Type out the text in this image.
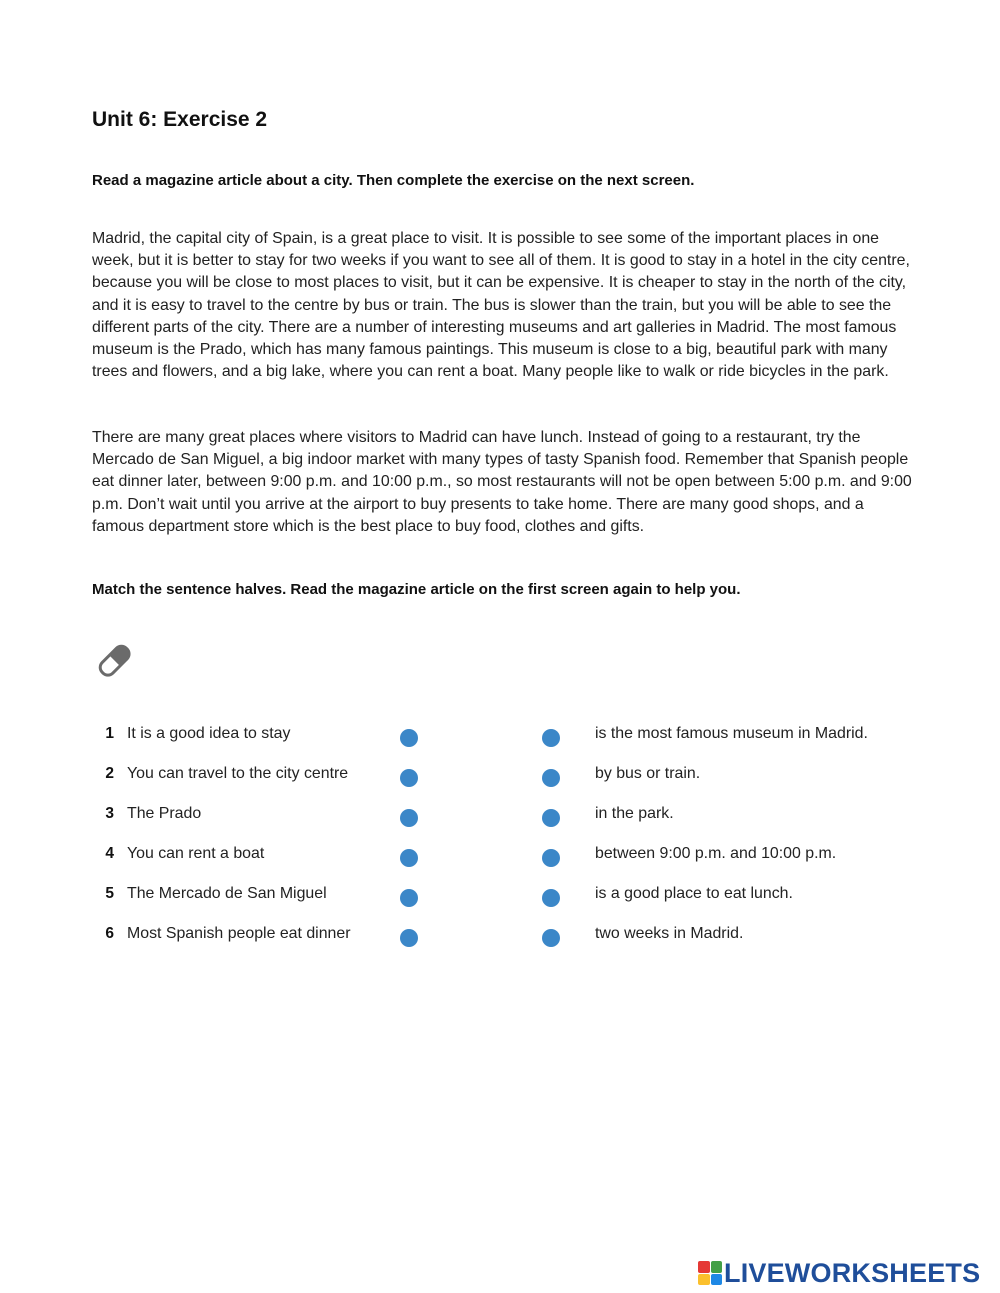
Unit 6: Exercise 2

Read a magazine article about a city. Then complete the exercise on the next screen.

Madrid, the capital city of Spain, is a great place to visit. It is possible to see some of the important places in one week, but it is better to stay for two weeks if you want to see all of them. It is good to stay in a hotel in the city centre, because you will be close to most places to visit, but it can be expensive. It is cheaper to stay in the north of the city, and it is easy to travel to the centre by bus or train. The bus is slower than the train, but you will be able to see the different parts of the city. There are a number of interesting museums and art galleries in Madrid. The most famous museum is the Prado, which has many famous paintings. This museum is close to a big, beautiful park with many trees and flowers, and a big lake, where you can rent a boat. Many people like to walk or ride bicycles in the park.

There are many great places where visitors to Madrid can have lunch. Instead of going to a restaurant, try the Mercado de San Miguel, a big indoor market with many types of tasty Spanish food. Remember that Spanish people eat dinner later, between 9:00 p.m. and 10:00 p.m., so most restaurants will not be open between 5:00 p.m. and 9:00 p.m. Don’t wait until you arrive at the airport to buy presents to take home. There are many good shops, and a famous department store which is the best place to buy food, clothes and gifts.

Match the sentence halves. Read the magazine article on the first screen again to help you.

1 It is a good idea to stay	is the most famous museum in Madrid.
2 You can travel to the city centre	by bus or train.
3 The Prado	in the park.
4 You can rent a boat	between 9:00 p.m. and 10:00 p.m.
5 The Mercado de San Miguel	is a good place to eat lunch.
6 Most Spanish people eat dinner	two weeks in Madrid.
LIVEWORKSHEETS
